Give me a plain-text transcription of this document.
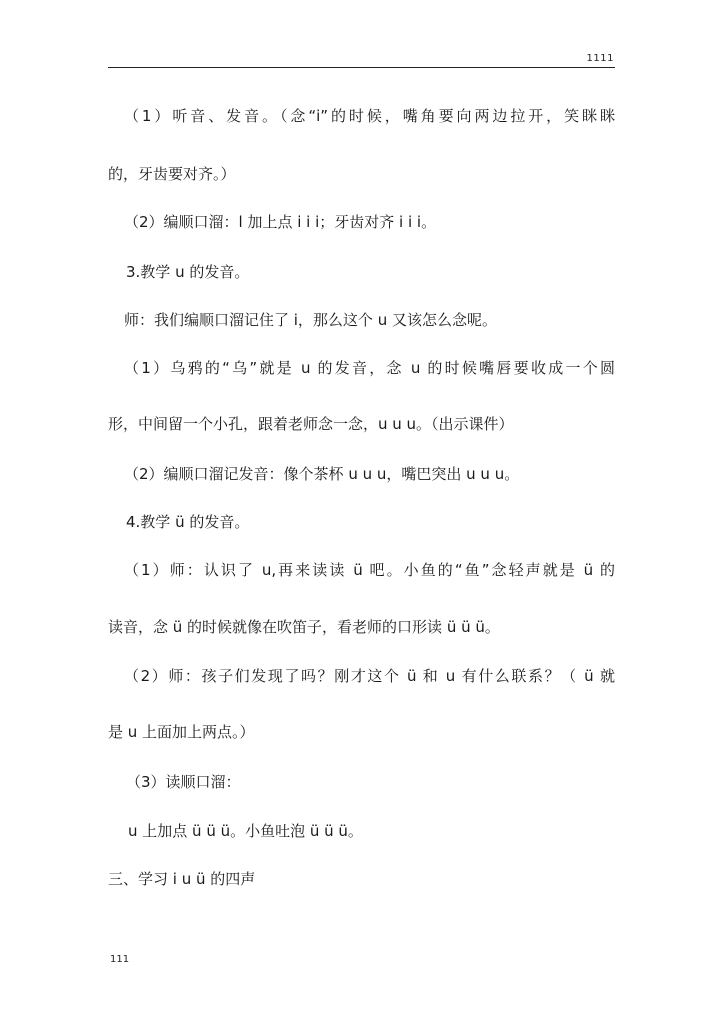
1111
（1）听音、发音。（念“i”的时候，嘴角要向两边拉开，笑眯眯
的，牙齿要对齐。）
（2）编顺口溜：l 加上点 i i i；牙齿对齐 i i i。
3.教学 u 的发音。
师：我们编顺口溜记住了 i，那么这个 u 又该怎么念呢。
（1）乌鸦的“乌”就是 u 的发音，念 u 的时候嘴唇要收成一个圆
形，中间留一个小孔，跟着老师念一念，u u u。（出示课件）
（2）编顺口溜记发音：像个茶杯 u u u，嘴巴突出 u u u。
4.教学 ü 的发音。
（1）师：认识了 u,再来读读 ü 吧。小鱼的“鱼”念轻声就是 ü 的
读音，念 ü 的时候就像在吹笛子，看老师的口形读 ü ü ü。
（2）师：孩子们发现了吗？刚才这个 ü 和 u 有什么联系？（ ü 就
是 u 上面加上两点。）
（3）读顺口溜：
u 上加点 ü ü ü。小鱼吐泡 ü ü ü。
三、学习 i u ü 的四声
111
